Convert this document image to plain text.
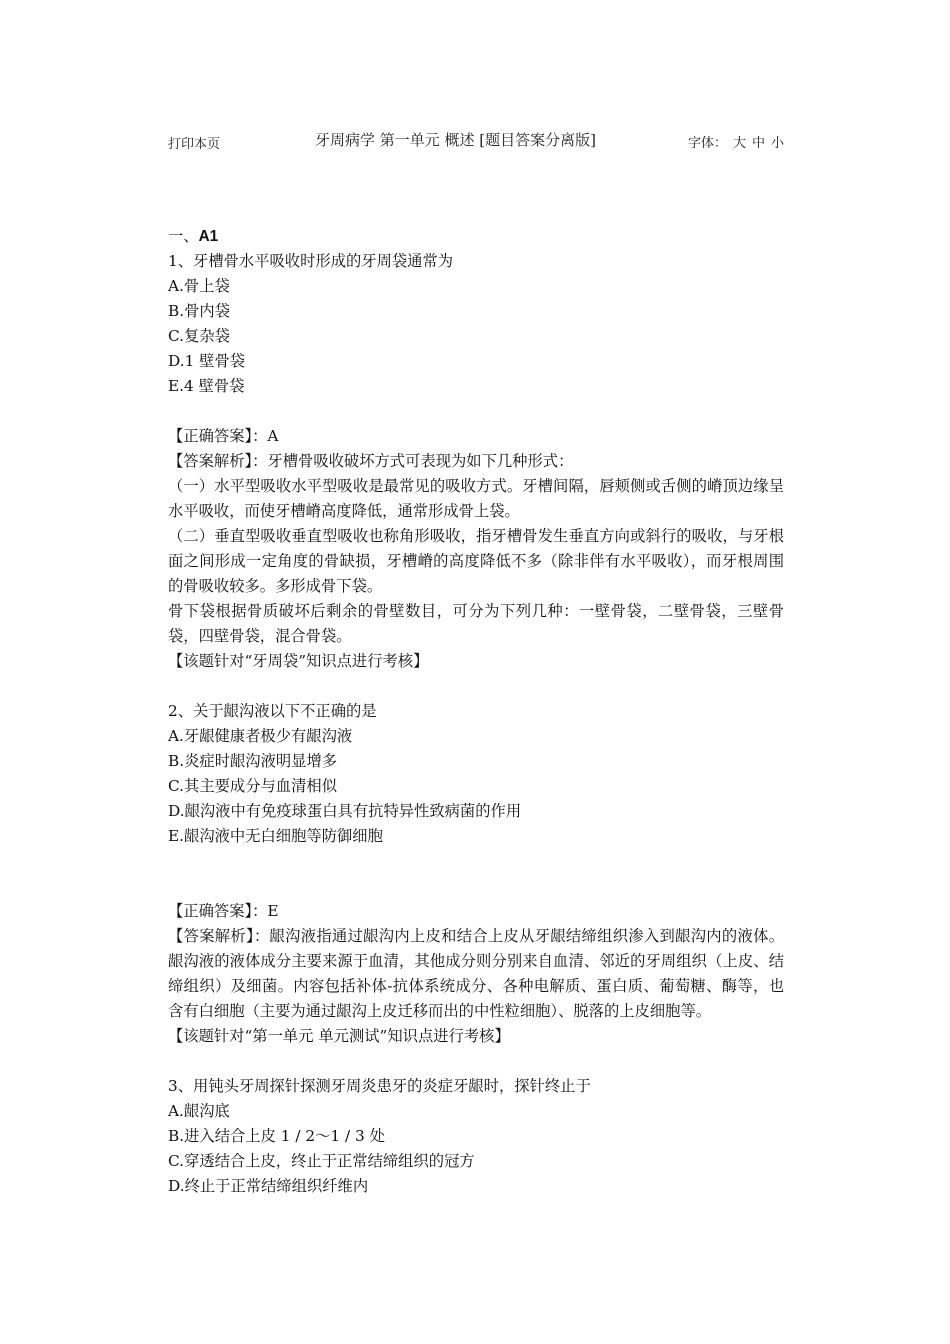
打印本页	牙周病学 第一单元 概述 [题目答案分离版]	字体： 大 中 小

一、A1

1、牙槽骨水平吸收时形成的牙周袋通常为

A.骨上袋

B.骨内袋

C.复杂袋

D.1 壁骨袋

E.4 壁骨袋

【正确答案】：A

【答案解析】：牙槽骨吸收破坏方式可表现为如下几种形式：

（一）水平型吸收水平型吸收是最常见的吸收方式。牙槽间隔，唇颊侧或舌侧的嵴顶边缘呈水平吸收，而使牙槽嵴高度降低，通常形成骨上袋。

（二）垂直型吸收垂直型吸收也称角形吸收，指牙槽骨发生垂直方向或斜行的吸收，与牙根面之间形成一定角度的骨缺损，牙槽嵴的高度降低不多（除非伴有水平吸收），而牙根周围的骨吸收较多。多形成骨下袋。

骨下袋根据骨质破坏后剩余的骨壁数目，可分为下列几种：一壁骨袋，二壁骨袋，三壁骨袋，四壁骨袋，混合骨袋。

【该题针对“牙周袋”知识点进行考核】

2、关于龈沟液以下不正确的是

A.牙龈健康者极少有龈沟液

B.炎症时龈沟液明显增多

C.其主要成分与血清相似

D.龈沟液中有免疫球蛋白具有抗特异性致病菌的作用

E.龈沟液中无白细胞等防御细胞

【正确答案】：E

【答案解析】：龈沟液指通过龈沟内上皮和结合上皮从牙龈结缔组织渗入到龈沟内的液体。龈沟液的液体成分主要来源于血清，其他成分则分别来自血清、邻近的牙周组织（上皮、结缔组织）及细菌。内容包括补体-抗体系统成分、各种电解质、蛋白质、葡萄糖、酶等，也含有白细胞（主要为通过龈沟上皮迁移而出的中性粒细胞）、脱落的上皮细胞等。

【该题针对“第一单元 单元测试”知识点进行考核】

3、用钝头牙周探针探测牙周炎患牙的炎症牙龈时，探针终止于

A.龈沟底

B.进入结合上皮 1 / 2～1 / 3 处

C.穿透结合上皮，终止于正常结缔组织的冠方

D.终止于正常结缔组织纤维内
